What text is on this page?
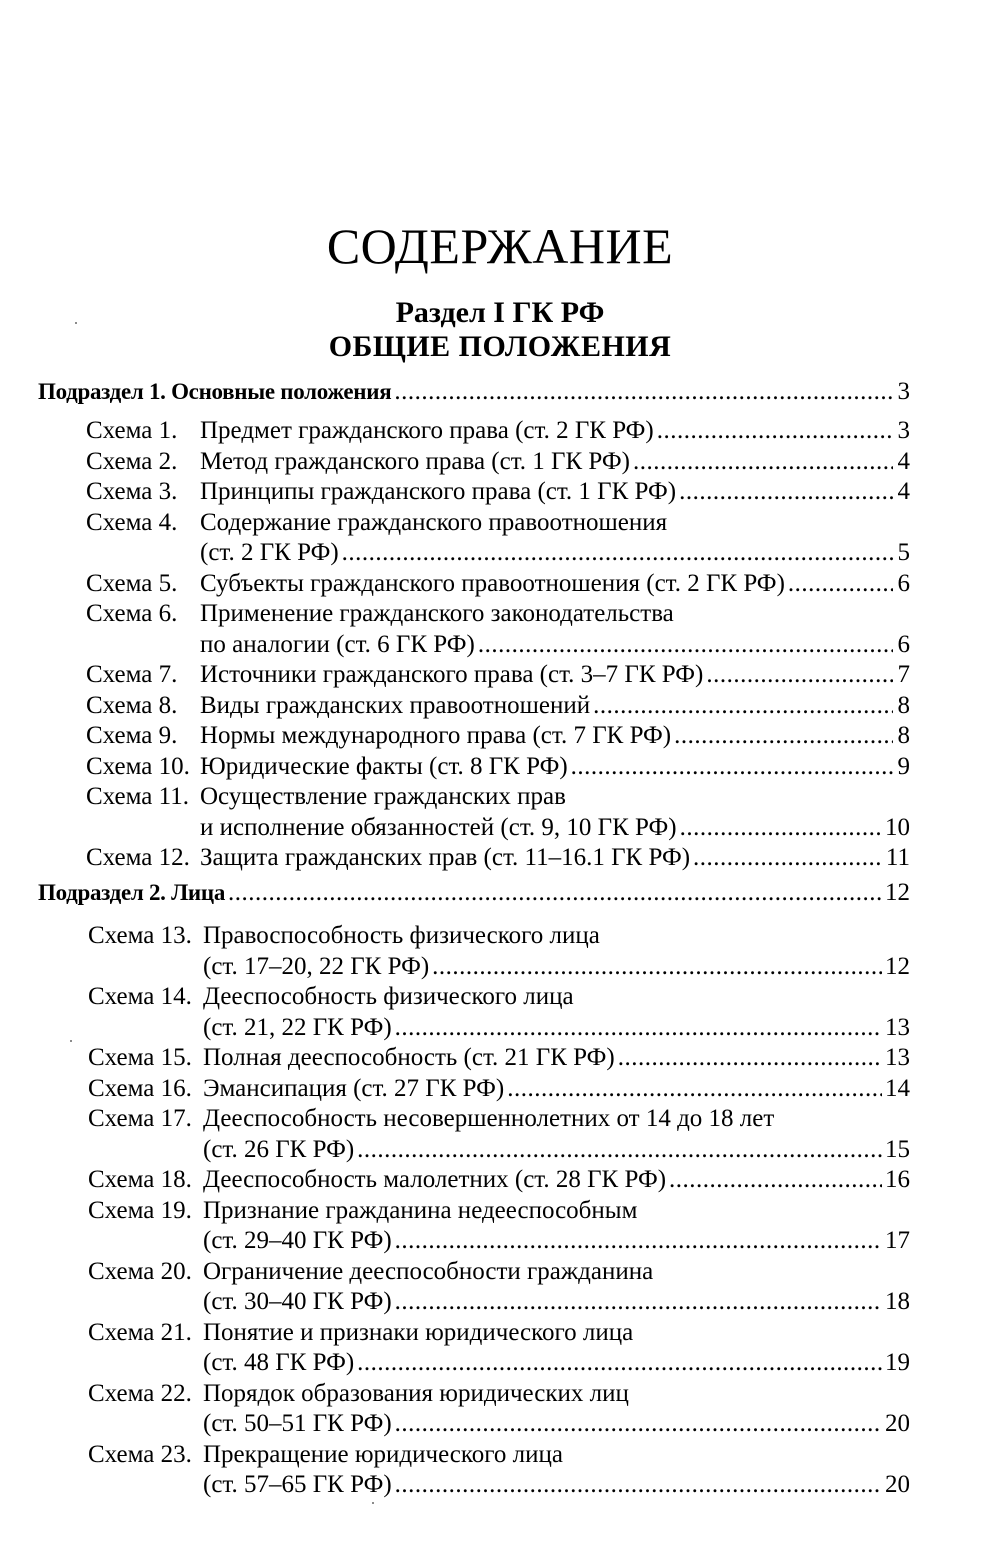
СОДЕРЖАНИЕ
Раздел I ГК РФ
ОБЩИЕ ПОЛОЖЕНИЯ
Подраздел 1. Основные положения .....	3
Схема 1. Предмет гражданского права (ст. 2 ГК РФ) .....	3
Схема 2. Метод гражданского права (ст. 1 ГК РФ) .....	4
Схема 3. Принципы гражданского права (ст. 1 ГК РФ) .....	4
Схема 4. Содержание гражданского правоотношения
(ст. 2 ГК РФ) .....	5
Схема 5. Субъекты гражданского правоотношения (ст. 2 ГК РФ) .....	6
Схема 6. Применение гражданского законодательства
по аналогии (ст. 6 ГК РФ) .....	6
Схема 7. Источники гражданского права (ст. 3–7 ГК РФ) .....	7
Схема 8. Виды гражданских правоотношений .....	8
Схема 9. Нормы международного права (ст. 7 ГК РФ) .....	8
Схема 10. Юридические факты (ст. 8 ГК РФ) .....	9
Схема 11. Осуществление гражданских прав
и исполнение обязанностей (ст. 9, 10 ГК РФ) .....	10
Схема 12. Защита гражданских прав (ст. 11–16.1 ГК РФ) .....	11
Подраздел 2. Лица .....	12
Схема 13. Правоспособность физического лица
(ст. 17–20, 22 ГК РФ) .....	12
Схема 14. Дееспособность физического лица
(ст. 21, 22 ГК РФ) .....	13
Схема 15. Полная дееспособность (ст. 21 ГК РФ) .....	13
Схема 16. Эмансипация (ст. 27 ГК РФ) .....	14
Схема 17. Дееспособность несовершеннолетних от 14 до 18 лет
(ст. 26 ГК РФ) .....	15
Схема 18. Дееспособность малолетних (ст. 28 ГК РФ) .....	16
Схема 19. Признание гражданина недееспособным
(ст. 29–40 ГК РФ) .....	17
Схема 20. Ограничение дееспособности гражданина
(ст. 30–40 ГК РФ) .....	18
Схема 21. Понятие и признаки юридического лица
(ст. 48 ГК РФ) .....	19
Схема 22. Порядок образования юридических лиц
(ст. 50–51 ГК РФ) .....	20
Схема 23. Прекращение юридического лица
(ст. 57–65 ГК РФ) .....	20
